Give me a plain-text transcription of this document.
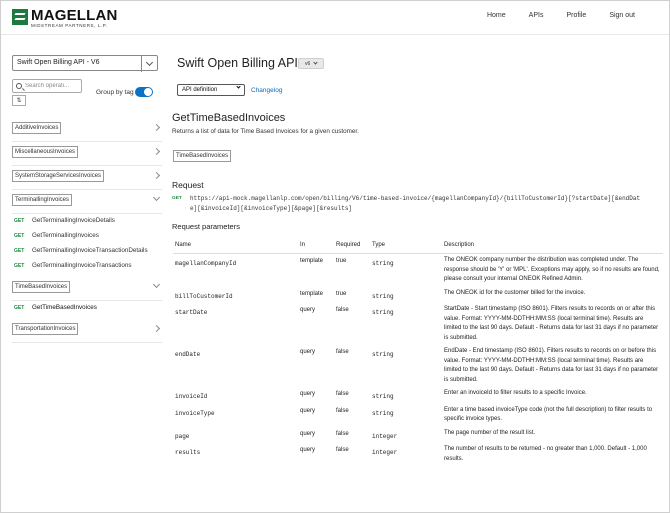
MAGELLAN
MIDSTREAM PARTNERS, L.P.
Home	APIs	Profile	Sign out
Swift Open Billing API - V6
Search operati...
Group by tag
⇅
AdditiveInvoices
MiscellaneousInvoices
SystemStorageServicesInvoices
TerminallingInvoices
GET GetTerminallingInvoiceDetails
GET GetTerminallingInvoices
GET GetTerminallingInvoiceTransactionDetails
GET GetTerminallingInvoiceTransactions
TimeBasedInvoices
GET GetTimeBasedInvoices
TransportationInvoices
Swift Open Billing API v6
API definition	Changelog
GetTimeBasedInvoices
Returns a list of data for Time Based Invoices for a given customer.
TimeBasedInvoices
Request
GET https://api-mock.magellanlp.com/open/billing/V6/time-based-invoice/{magellanCompanyId}/{billToCustomerId}[?startDate][&endDate][&invoiceId][&invoiceType][&page][&results]
Request parameters
Name	In	Required	Type	Description
magellanCompanyId	template	true	string	The ONEOK company number the distribution was completed under. The response should be 'Y' or 'MPL'. Exceptions may apply, so if no results are found, please consult your internal ONEOK Refined Admin.
billToCustomerId	template	true	string	The ONEOK id for the customer billed for the invoice.
startDate	query	false	string	StartDate - Start timestamp (ISO 8601). Filters results to records on or after this value. Format: YYYY-MM-DDTHH:MM:SS (local terminal time). Results are limited to the last 90 days. Default - Returns data for last 31 days if no parameter is submitted.
endDate	query	false	string	EndDate - End timestamp (ISO 8601). Filters results to records on or before this value. Format: YYYY-MM-DDTHH:MM:SS (local terminal time). Results are limited to the last 90 days. Default - Returns data for last 31 days if no parameter is submitted.
invoiceId	query	false	string	Enter an invoiceId to filter results to a specific Invoice.
invoiceType	query	false	string	Enter a time based invoiceType code (not the full description) to filter results to specific invoice types.
page	query	false	integer	The page number of the result list.
results	query	false	integer	The number of results to be returned - no greater than 1,000. Default - 1,000 results.
